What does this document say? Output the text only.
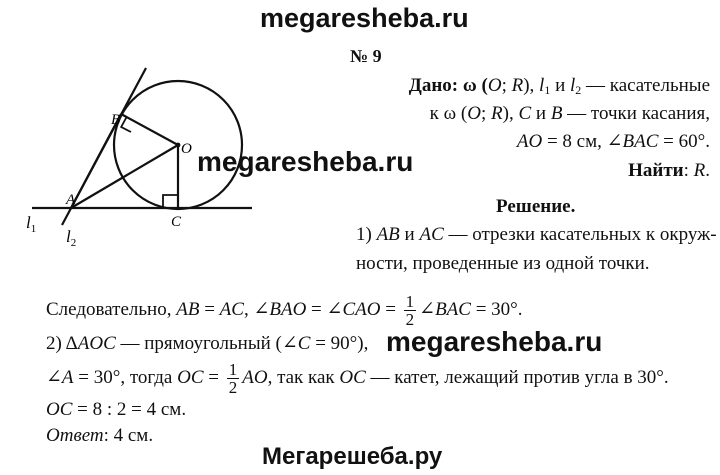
megaresheba.ru
№ 9
B
O
A
C
$l_1$ $l_2$
Дано: ω (O; R), $l_1$ и $l_2$ — касательные
к ω (O; R), C и B — точки касания,
AO = 8 см, ∠BAC = 60°.
Найти: R.
megaresheba.ru
Решение.
1) AB и AC — отрезки касательных к окруж-
ности, проведенные из одной точки.
Следовательно, AB = AC, ∠BAO = ∠CAO = $\frac{1}{2}$ ∠BAC = 30°.
2) ΔAOC — прямоугольный (∠C = 90°), megaresheba.ru
∠A = 30°, тогда OC = $\frac{1}{2}$ AO, так как OC — катет, лежащий против угла в 30°.
OC = 8 : 2 = 4 см.
Ответ: 4 см.
Мегарешеба.ру
